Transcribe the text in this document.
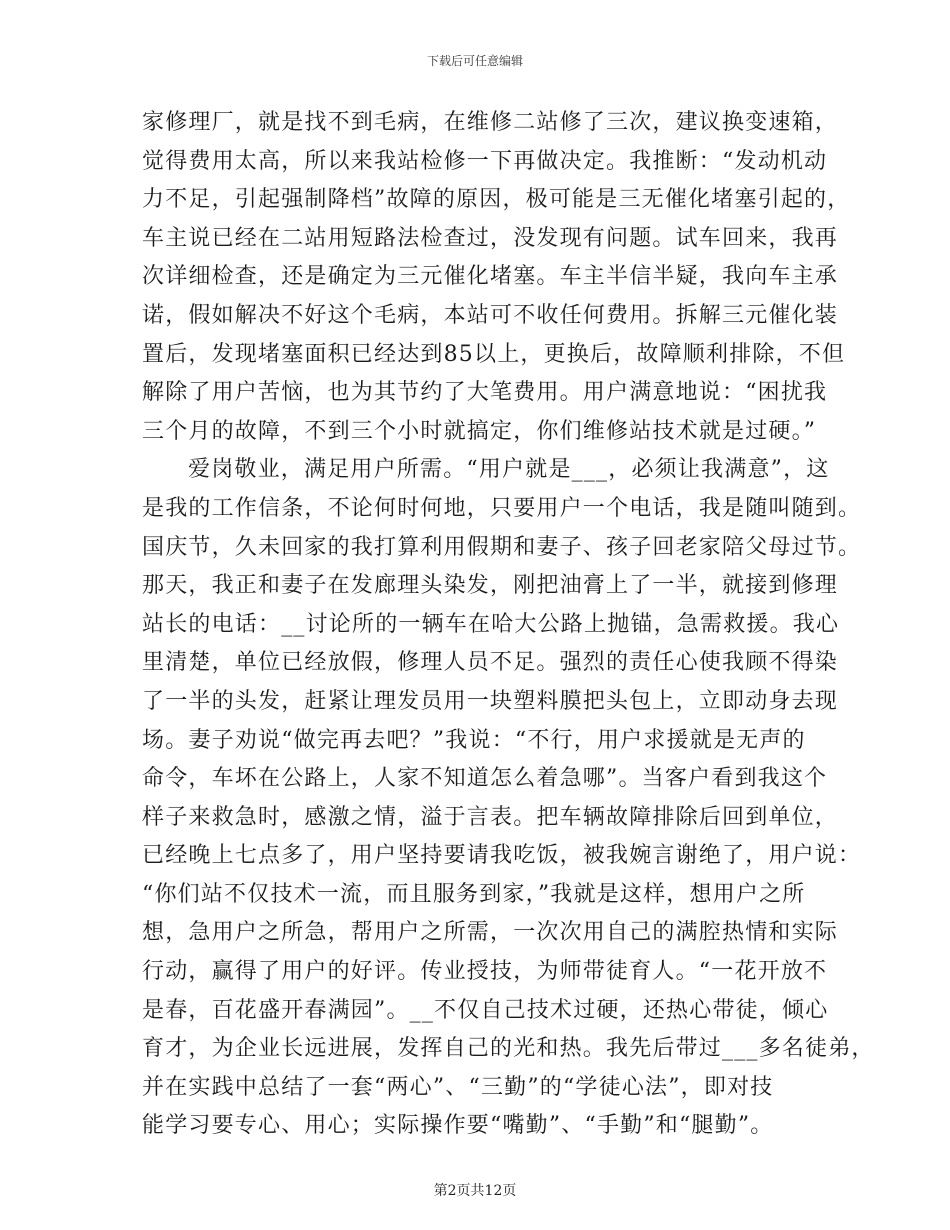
下载后可任意编辑
家修理厂，就是找不到毛病，在维修二站修了三次，建议换变速箱，
觉得费用太高，所以来我站检修一下再做决定。我推断：“发动机动
力不足，引起强制降档”故障的原因，极可能是三无催化堵塞引起的，
车主说已经在二站用短路法检查过，没发现有问题。试车回来，我再
次详细检查，还是确定为三元催化堵塞。车主半信半疑，我向车主承
诺，假如解决不好这个毛病，本站可不收任何费用。拆解三元催化装
置后，发现堵塞面积已经达到85以上，更换后，故障顺利排除，不但
解除了用户苦恼，也为其节约了大笔费用。用户满意地说：“困扰我
三个月的故障，不到三个小时就搞定，你们维修站技术就是过硬。”
爱岗敬业，满足用户所需。“用户就是___，必须让我满意”，这
是我的工作信条，不论何时何地，只要用户一个电话，我是随叫随到。
国庆节，久未回家的我打算利用假期和妻子、孩子回老家陪父母过节。
那天，我正和妻子在发廊理头染发，刚把油膏上了一半，就接到修理
站长的电话：__讨论所的一辆车在哈大公路上抛锚，急需救援。我心
里清楚，单位已经放假，修理人员不足。强烈的责任心使我顾不得染
了一半的头发，赶紧让理发员用一块塑料膜把头包上，立即动身去现
场。妻子劝说“做完再去吧？”我说：“不行，用户求援就是无声的
命令，车坏在公路上，人家不知道怎么着急哪”。当客户看到我这个
样子来救急时，感激之情，溢于言表。把车辆故障排除后回到单位，
已经晚上七点多了，用户坚持要请我吃饭，被我婉言谢绝了，用户说：
“你们站不仅技术一流，而且服务到家，”我就是这样，想用户之所
想，急用户之所急，帮用户之所需，一次次用自己的满腔热情和实际
行动，赢得了用户的好评。传业授技，为师带徒育人。“一花开放不
是春，百花盛开春满园”。__不仅自己技术过硬，还热心带徒，倾心
育才，为企业长远进展，发挥自己的光和热。我先后带过___多名徒弟，
并在实践中总结了一套“两心”、“三勤”的“学徒心法”，即对技
能学习要专心、用心；实际操作要“嘴勤”、“手勤”和“腿勤”。
第2页共12页
